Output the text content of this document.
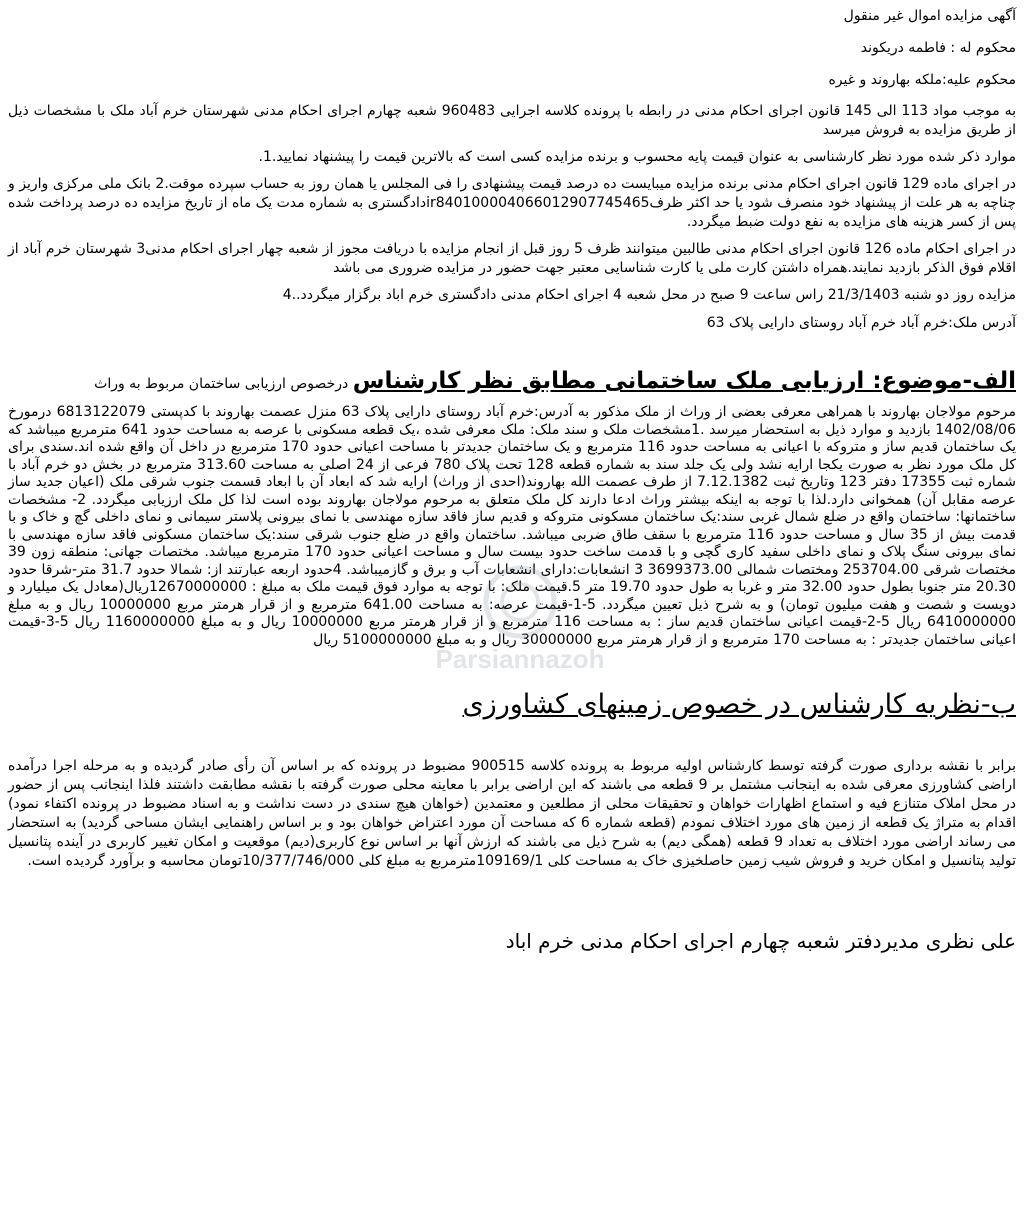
آگهی مزایده اموال غیر منقول

محکوم له : فاطمه دریکوند

محکوم علیه:ملکه بهاروند و غیره

به موجب مواد 113 الی 145 قانون اجرای احکام مدنی در رابطه با پرونده کلاسه اجرایی 960483 شعبه چهارم اجرای احکام مدنی شهرستان خرم آباد ملک با مشخصات ذیل از طریق مزایده به فروش میرسد

موارد ذکر شده مورد نظر کارشناسی به عنوان قیمت پایه محسوب و برنده مزایده کسی است که بالاترین قیمت را پیشنهاد نمایید.1.

در اجرای ماده 129 قانون اجرای احکام مدنی برنده مزایده میبایست ده درصد قیمت پیشنهادی را فی المجلس یا همان روز به حساب سپرده موقت.2 بانک ملی مرکزی واریز و چناچه به هر علت از پیشنهاد خود منصرف شود یا حد اکثر ظرفir840100004066012907745465دادگستری به شماره مدت یک ماه از تاریخ مزایده ده درصد پرداخت شده پس از کسر هزینه های مزایده به نفع دولت ضبط میگردد.

در اجرای احکام ماده 126 قانون اجرای احکام مدنی طالبین میتوانند ظرف 5 روز قبل از انجام مزایده با دریافت مجوز از شعبه چهار اجرای احکام مدنی3 شهرستان خرم آباد از اقلام فوق الذکر بازدید نمایند.همراه داشتن کارت ملی یا کارت شناسایی معتبر جهت حضور در مزایده ضروری می باشد

مزایده روز دو شنبه 21/3/1403 راس ساعت 9 صبح در محل شعبه 4 اجرای احکام مدنی دادگستری خرم اباد برگزار میگردد..4

آدرس ملک:خرم آباد خرم آباد روستای دارایی پلاک 63

الف-موضوع: ارزیابی ملک ساختمانی مطابق نظر کارشناس درخصوص ارزیابی ساختمان مربوط به وراث

مرحوم مولاجان بهاروند با همراهی معرفی بعضی از وراث از ملک مذکور به آدرس:خرم آباد روستای دارایی پلاک 63 منزل عصمت بهاروند با کدپستی 6813122079 درمورخ 1402/08/06 بازدید و موارد ذیل به استحضار میرسد .1مشخصات ملک و سند ملک: ملک معرفی شده ،یک قطعه مسکونی با عرصه به مساحت حدود 641 مترمربع میباشد که یک ساختمان قدیم ساز و متروکه با اعیانی به مساحت حدود 116 مترمربع و یک ساختمان جدیدتر با مساحت اعیانی حدود 170 مترمربع در داخل آن واقع شده اند.سندی برای کل ملک مورد نظر به صورت یکجا ارایه نشد ولی یک جلد سند به شماره قطعه 128 تحت پلاک 780 فرعی از 24 اصلی به مساحت 313.60 مترمربع در بخش دو خرم آباد با شماره ثبت 17355 دفتر 123 وتاریخ ثبت 7.12.1382 از طرف عصمت الله بهاروند(احدی از وراث) ارایه شد که ابعاد آن با ابعاد قسمت جنوب شرقی ملک (اعیان جدید ساز عرصه مقابل آن) همخوانی دارد.لذا با توجه به اینکه بیشتر وراث ادعا دارند کل ملک متعلق به مرحوم مولاجان بهاروند بوده است لذا کل ملک ارزیابی میگردد. 2- مشخصات ساختمانها: ساختمان واقع در ضلع شمال غربی سند:یک ساختمان مسکونی متروکه و قدیم ساز فاقد سازه مهندسی با نمای بیرونی پلاستر سیمانی و نمای داخلی گچ و خاک و با قدمت بیش از 35 سال و مساحت حدود 116 مترمربع با سقف طاق ضربی میباشد. ساختمان واقع در ضلع جنوب شرقی سند:یک ساختمان مسکونی فاقد سازه مهندسی با نمای بیرونی سنگ پلاک و نمای داخلی سفید کاری گچی و با قدمت ساخت حدود بیست سال و مساحت اعیانی حدود 170 مترمربع میباشد. مختصات جهانی: منطقه زون 39 مختصات شرقی 253704.00 ومختصات شمالی 3699373.00 3 انشعابات:دارای انشعابات آب و برق و گازمیباشد. 4حدود اربعه عبارتند از: شمالا حدود 31.7 متر-شرقا حدود 20.30 متر جنوبا بطول حدود 32.00 متر و غربا به طول حدود 19.70 متر 5.قیمت ملک: با توجه به موارد فوق قیمت ملک به مبلغ : 12670000000ریال(معادل یک میلیارد و دویست و شصت و هفت میلیون تومان) و به شرح ذیل تعیین میگردد. 5-1-قیمت عرصه: به مساحت 641.00 مترمربع و از قرار هرمتر مربع 10000000 ریال و به مبلغ 6410000000 ریال 5-2-قیمت اعیانی ساختمان قدیم ساز : به مساحت 116 مترمربع و از قرار هرمتر مربع 10000000 ریال و به مبلغ 1160000000 ریال 5-3-قیمت اعیانی ساختمان جدیدتر : به مساحت 170 مترمربع و از قرار هرمتر مربع 30000000 ریال و به مبلغ 5100000000 ریال

ب-نظریه کارشناس در خصوص زمینهای کشاورزی

برابر با نقشه برداری صورت گرفته توسط کارشناس اولیه مربوط به پرونده کلاسه 900515 مضبوط در پرونده که بر اساس آن رأی صادر گردیده و به مرحله اجرا درآمده اراضی کشاورزی معرفی شده به اینجانب مشتمل بر 9 قطعه می باشند که این اراضی برابر با معاینه محلی صورت گرفته با نقشه مطابقت داشتند فلذا اینجانب پس از حضور در محل املاک متنازع فیه و استماع اظهارات خواهان و تحقیقات محلی از مطلعین و معتمدین (خواهان هیچ سندی در دست نداشت و به اسناد مضبوط در پرونده اکتفاء نمود) اقدام به متراژ یک قطعه از زمین های مورد اختلاف نمودم (قطعه شماره 6 که مساحت آن مورد اعتراض خواهان بود و بر اساس راهنمایی ایشان مساحی گردید) به استحضار می رساند اراضی مورد اختلاف به تعداد 9 قطعه (همگی دیم) به شرح ذیل می باشند که ارزش آنها بر اساس نوع کاربری(دیم) موقعیت و امکان تغییر کاربری در آینده پتانسیل تولید پتانسیل و امکان خرید و فروش شیب زمین حاصلخیزی خاک به مساحت کلی 109169/1مترمربع به مبلغ کلی 10/377/746/000تومان محاسبه و برآورد گردیده است.

علی نظری مدیردفتر شعبه چهارم اجرای احکام مدنی خرم اباد

Parsiannazoh
